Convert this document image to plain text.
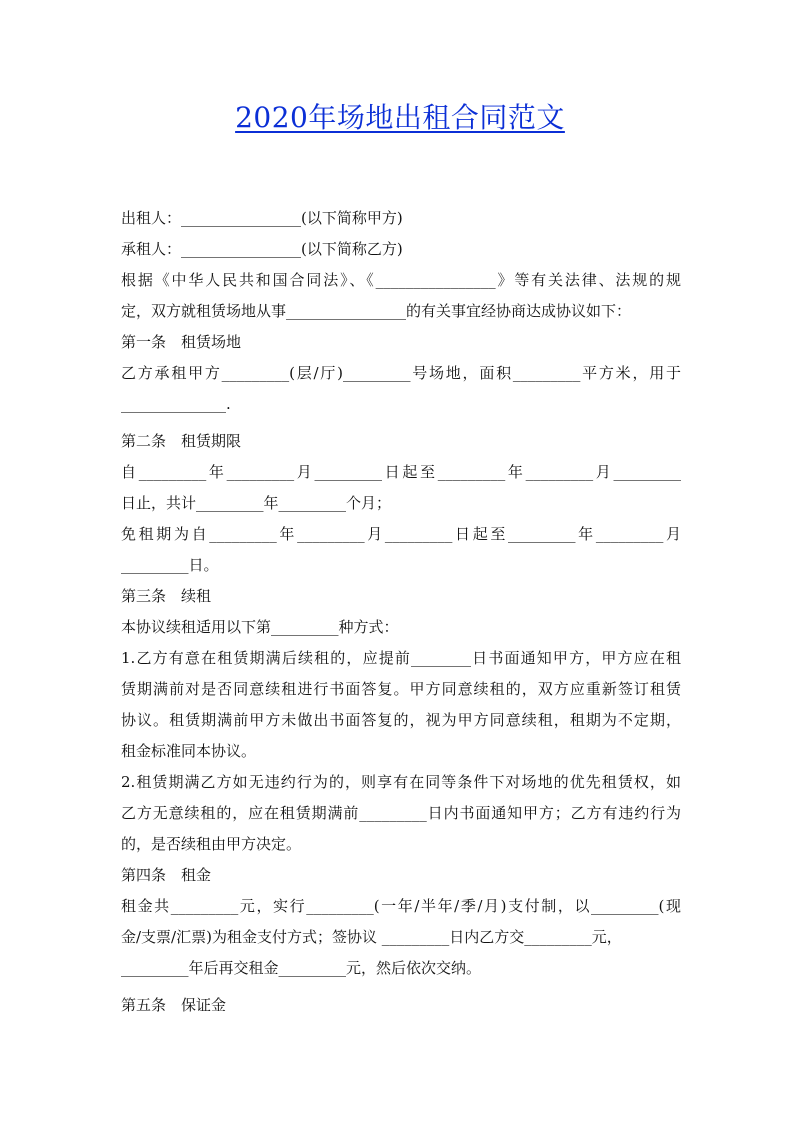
2020年场地出租合同范文
出租人：________________(以下简称甲方)
承租人：________________(以下简称乙方)
根据《中华人民共和国合同法》、《________________》等有关法律、法规的规
定，双方就租赁场地从事________________的有关事宜经协商达成协议如下：
第一条　租赁场地
乙方承租甲方_________(层/厅)_________号场地，面积_________平方米，用于
______________.
第二条　租赁期限
自_________年_________月_________日起至_________年_________月_________
日止，共计_________年_________个月；
免租期为自_________年_________月_________日起至_________年_________月
_________日。
第三条　续租
本协议续租适用以下第_________种方式：
1.乙方有意在租赁期满后续租的，应提前________日书面通知甲方，甲方应在租
赁期满前对是否同意续租进行书面答复。甲方同意续租的，双方应重新签订租赁
协议。租赁期满前甲方未做出书面答复的，视为甲方同意续租，租期为不定期，
租金标准同本协议。
2.租赁期满乙方如无违约行为的，则享有在同等条件下对场地的优先租赁权，如
乙方无意续租的，应在租赁期满前_________日内书面通知甲方；乙方有违约行为
的，是否续租由甲方决定。
第四条　租金
租金共_________元，实行_________(一年/半年/季/月)支付制，以_________(现
金/支票/汇票)为租金支付方式；签协议 _________日内乙方交_________元，
_________年后再交租金_________元，然后依次交纳。
第五条　保证金
